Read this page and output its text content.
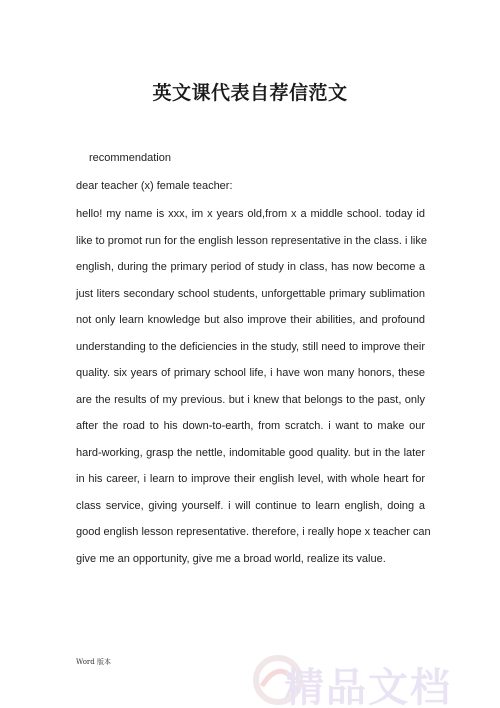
英文课代表自荐信范文
recommendation
dear teacher (x) female teacher:
hello! my name is xxx, im x years old,from x a middle school. today id
like to promot run for the english lesson representative in the class. i like
english, during the primary period of study in class, has now become a
just liters secondary school students, unforgettable primary sublimation
not only learn knowledge but also improve their abilities, and profound
understanding to the deficiencies in the study, still need to improve their
quality. six years of primary school life, i have won many honors, these
are the results of my previous. but i knew that belongs to the past, only
after the road to his down-to-earth, from scratch. i want to make our
hard-working, grasp the nettle, indomitable good quality. but in the later
in his career, i learn to improve their english level, with whole heart for
class service, giving yourself. i will continue to learn english, doing a
good english lesson representative. therefore, i really hope x teacher can
give me an opportunity, give me a broad world, realize its value.
Word 版本
精品文档
